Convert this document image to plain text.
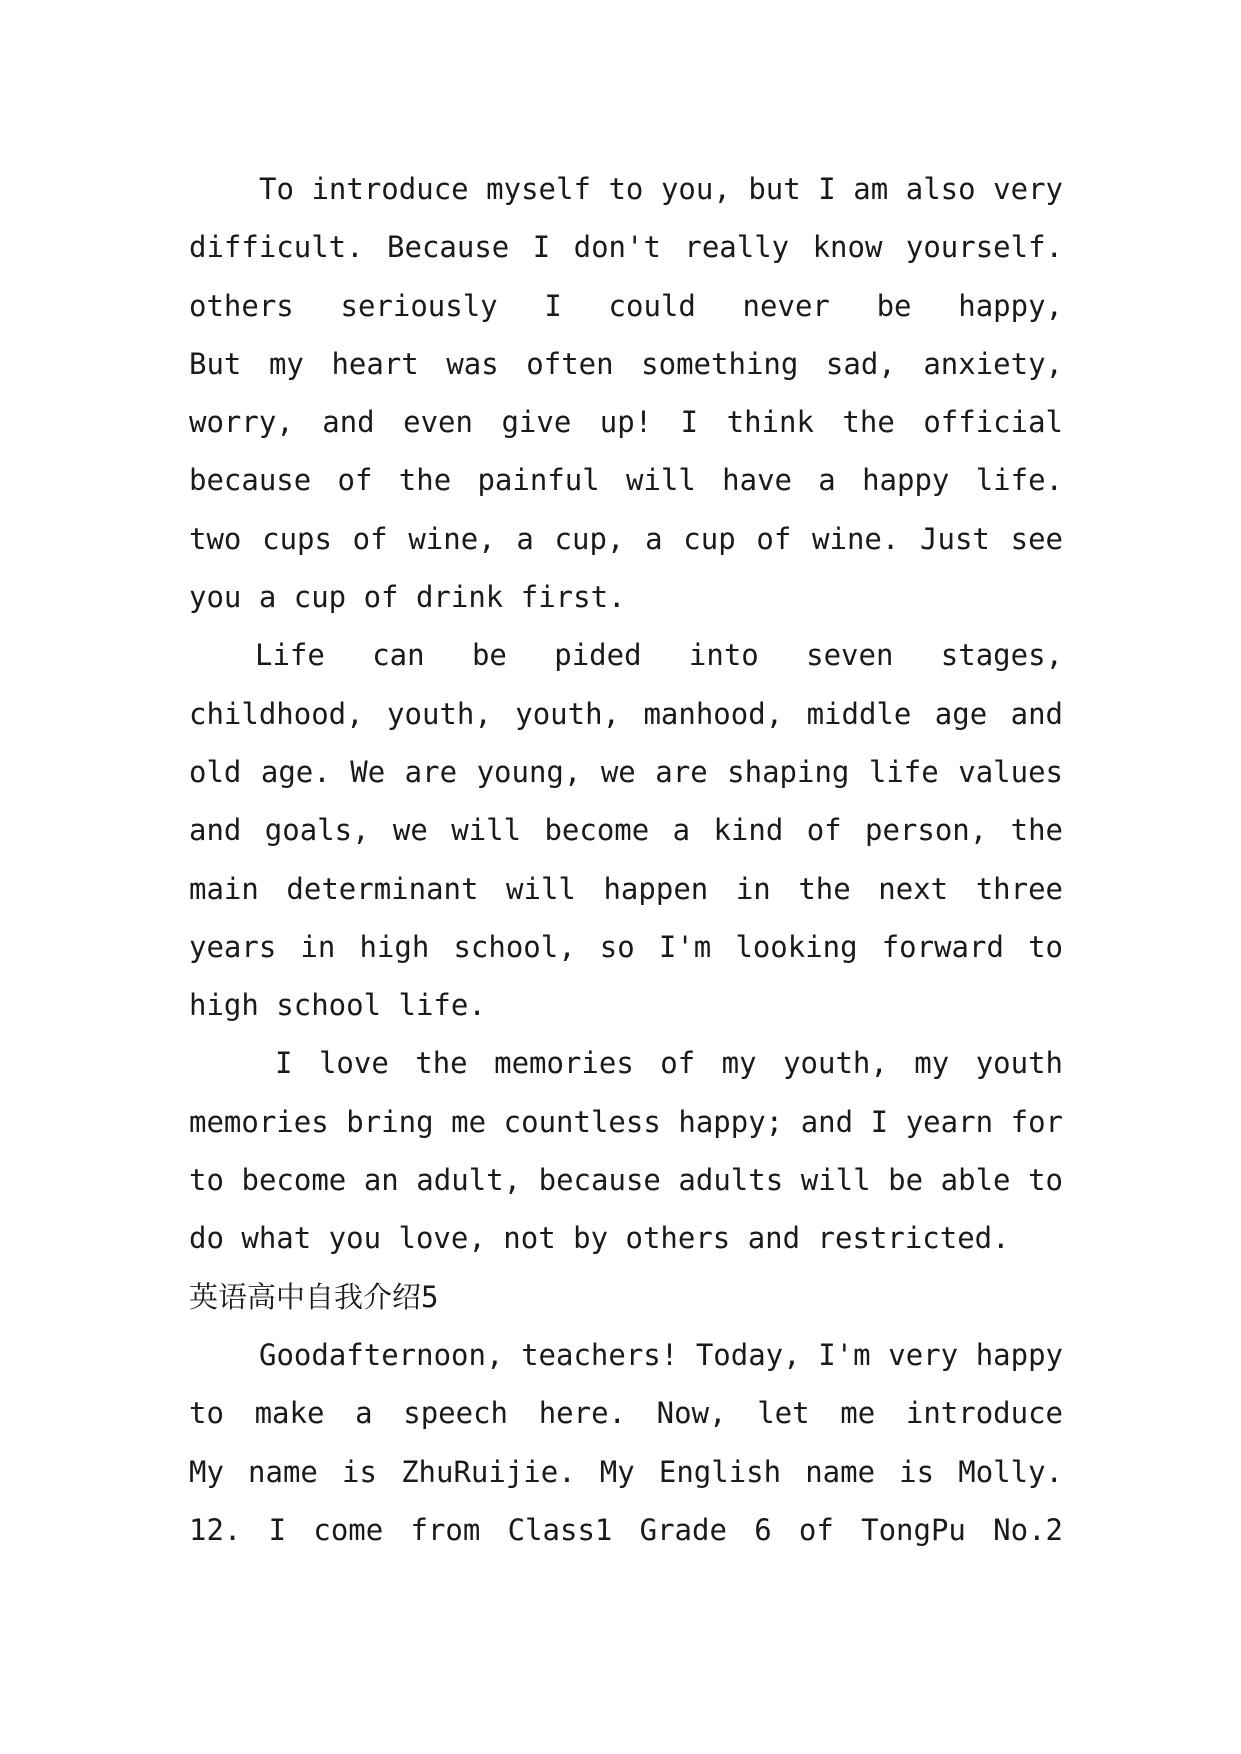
To introduce myself to you, but I am also very
difficult. Because I don't really know yourself.
others seriously I could never be happy,
But my heart was often something sad, anxiety,
worry, and even give up! I think the official
because of the painful will have a happy life.
two cups of wine, a cup, a cup of wine. Just see
you a cup of drink first.
Life can be pided into seven stages,
childhood, youth, youth, manhood, middle age and
old age. We are young, we are shaping life values
and goals, we will become a kind of person, the
main determinant will happen in the next three
years in high school, so I'm looking forward to
high school life.
I love the memories of my youth, my youth
memories bring me countless happy; and I yearn for
to become an adult, because adults will be able to
do what you love, not by others and restricted.
英语高中自我介绍5
Goodafternoon, teachers! Today, I'm very happy
to make a speech here. Now, let me introduce
My name is ZhuRuijie. My English name is Molly.
12. I come from Class1 Grade 6 of TongPu No.2
